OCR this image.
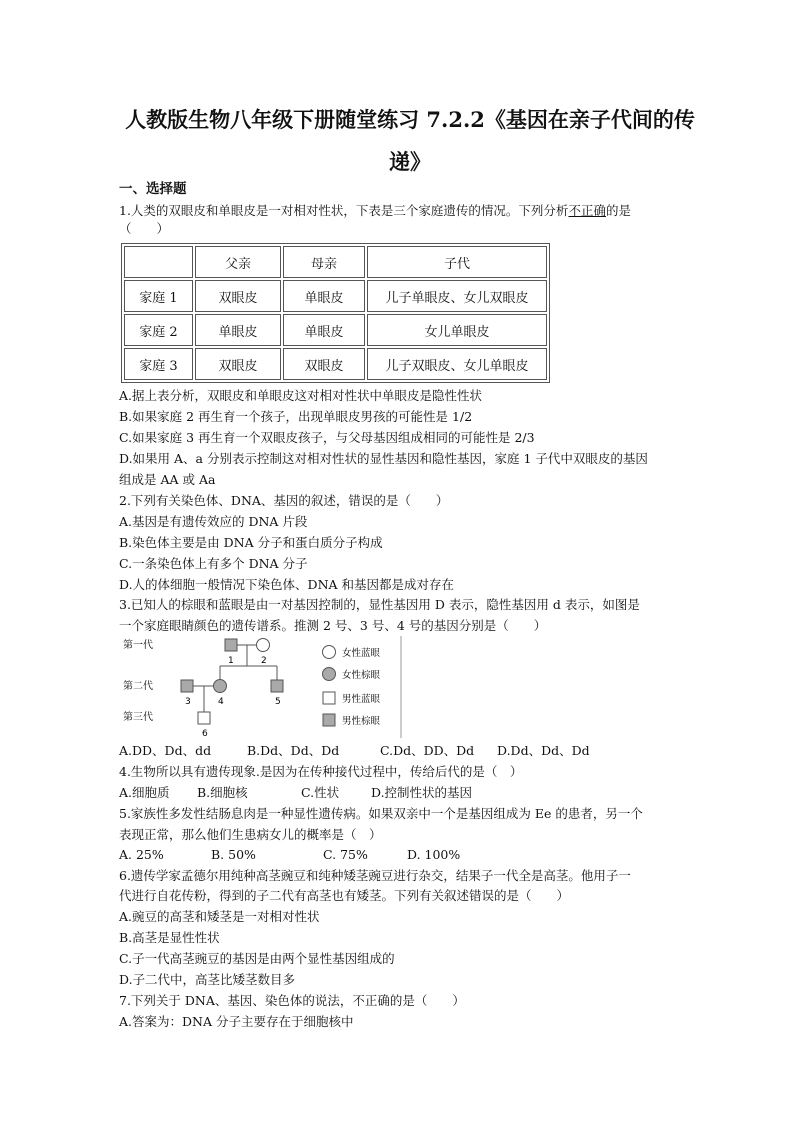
人教版生物八年级下册随堂练习 7.2.2《基因在亲子代间的传
递》
一、选择题
1.人类的双眼皮和单眼皮是一对相对性状，下表是三个家庭遗传的情况。下列分析不正确的是
（　　）
	父亲	母亲	子代
家庭 1	双眼皮	单眼皮	儿子单眼皮、女儿双眼皮
家庭 2	单眼皮	单眼皮	女儿单眼皮
家庭 3	双眼皮	双眼皮	儿子双眼皮、女儿单眼皮
A.据上表分析，双眼皮和单眼皮这对相对性状中单眼皮是隐性性状
B.如果家庭 2 再生育一个孩子，出现单眼皮男孩的可能性是 1/2
C.如果家庭 3 再生育一个双眼皮孩子，与父母基因组成相同的可能性是 2/3
D.如果用 A、a 分别表示控制这对相对性状的显性基因和隐性基因，家庭 1 子代中双眼皮的基因
组成是 AA 或 Aa
2.下列有关染色体、DNA、基因的叙述，错误的是（　　）
A.基因是有遗传效应的 DNA 片段
B.染色体主要是由 DNA 分子和蛋白质分子构成
C.一条染色体上有多个 DNA 分子
D.人的体细胞一般情况下染色体、DNA 和基因都是成对存在
3.已知人的棕眼和蓝眼是由一对基因控制的，显性基因用 D 表示，隐性基因用 d 表示，如图是
一个家庭眼睛颜色的遗传谱系。推测 2 号、3 号、4 号的基因分别是（　　）
第一代
第二代
第三代
1	2
3	4	5
6
女性蓝眼
女性棕眼
男性蓝眼
男性棕眼
A.DD、Dd、dd	B.Dd、Dd、Dd	C.Dd、DD、Dd D.Dd、Dd、Dd
4.生物所以具有遗传现象.是因为在传种接代过程中，传给后代的是（　）
A.细胞质 B.细胞核	C.性状	D.控制性状的基因
5.家族性多发性结肠息肉是一种显性遗传病。如果双亲中一个是基因组成为 Ee 的患者，另一个
表现正常，那么他们生患病女儿的概率是（　）
A. 25%	B. 50%	C. 75%	D. 100%
6.遗传学家孟德尔用纯种高茎豌豆和纯种矮茎豌豆进行杂交，结果子一代全是高茎。他用子一
代进行自花传粉，得到的子二代有高茎也有矮茎。下列有关叙述错误的是（　　）
A.豌豆的高茎和矮茎是一对相对性状
B.高茎是显性性状
C.子一代高茎豌豆的基因是由两个显性基因组成的
D.子二代中，高茎比矮茎数目多
7.下列关于 DNA、基因、染色体的说法，不正确的是（　　）
A.答案为：DNA 分子主要存在于细胞核中
